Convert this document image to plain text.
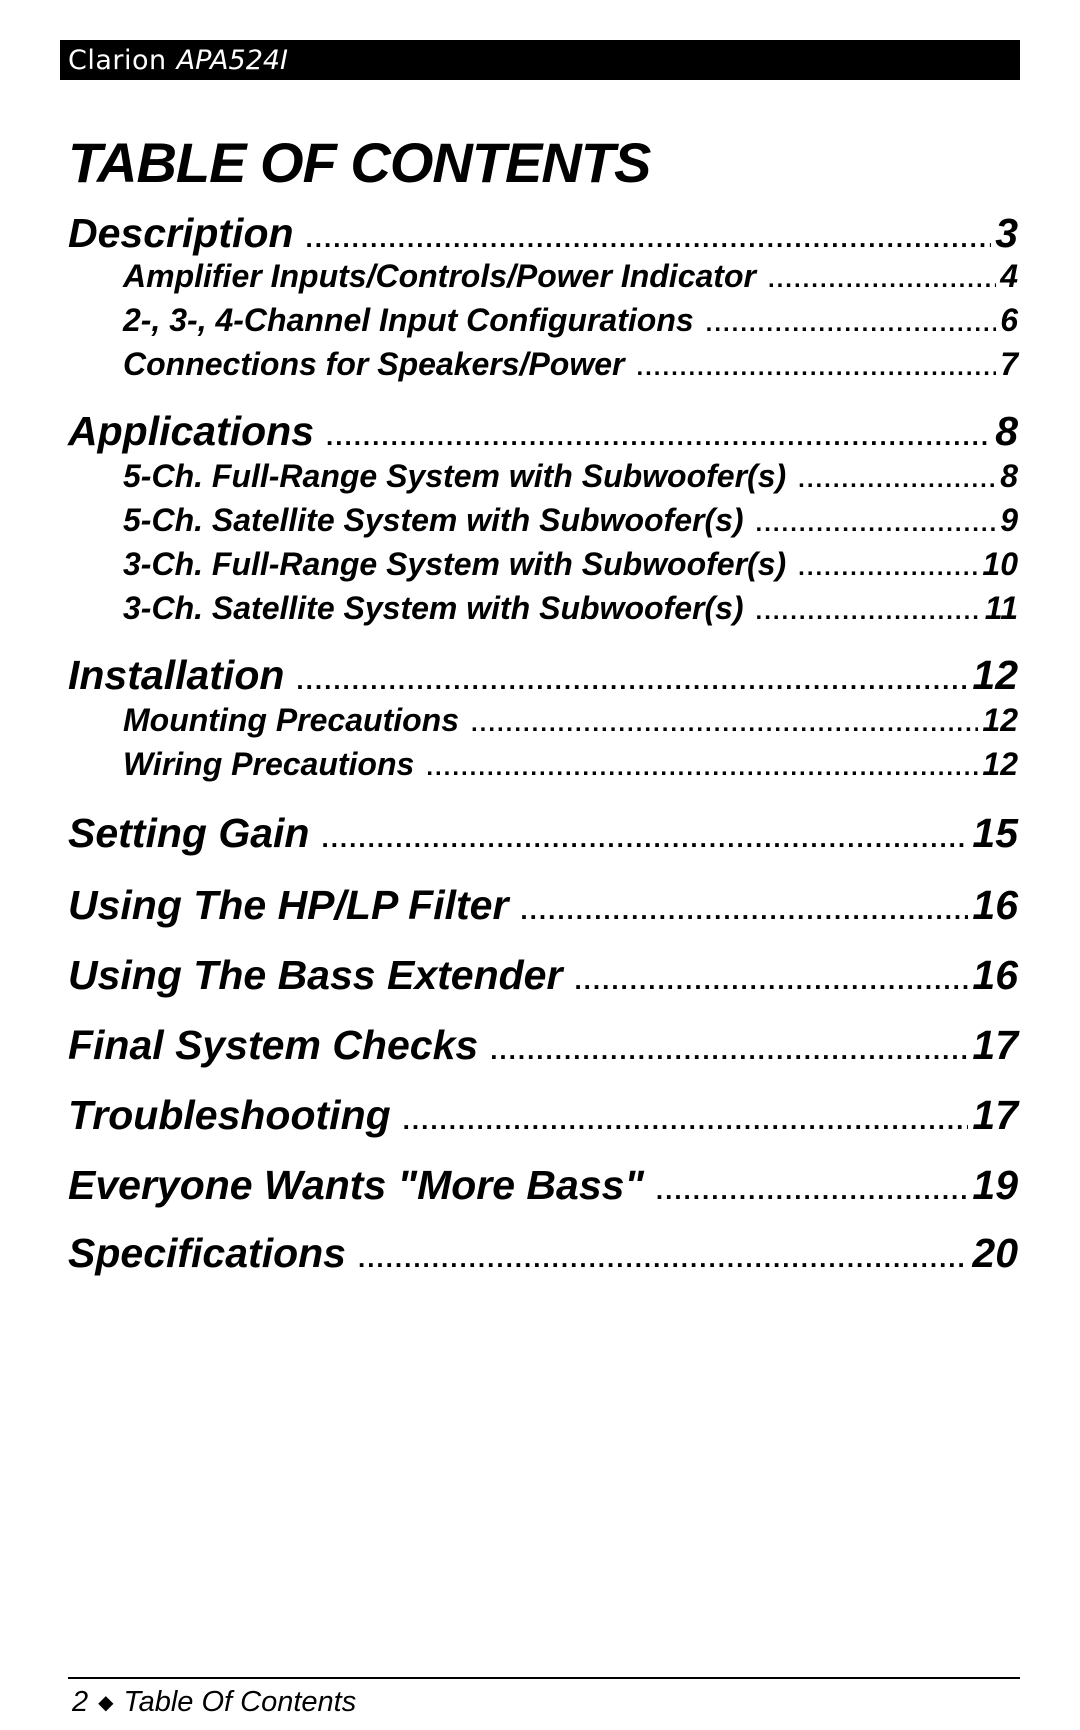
Clarion APA524I
TABLE OF CONTENTS
Description .....	3
Amplifier Inputs/Controls/Power Indicator .....	4
2-, 3-, 4-Channel Input Configurations .....	6
Connections for Speakers/Power .....	7
Applications .....	8
5-Ch. Full-Range System with Subwoofer(s) .....	8
5-Ch. Satellite System with Subwoofer(s) .....	9
3-Ch. Full-Range System with Subwoofer(s) .....	10
3-Ch. Satellite System with Subwoofer(s) .....	11
Installation .....	12
Mounting Precautions .....	12
Wiring Precautions .....	12
Setting Gain .....	15
Using The HP/LP Filter .....	16
Using The Bass Extender .....	16
Final System Checks .....	17
Troubleshooting .....	17
Everyone Wants "More Bass" .....	19
Specifications .....	20
2 ◆ Table Of Contents
